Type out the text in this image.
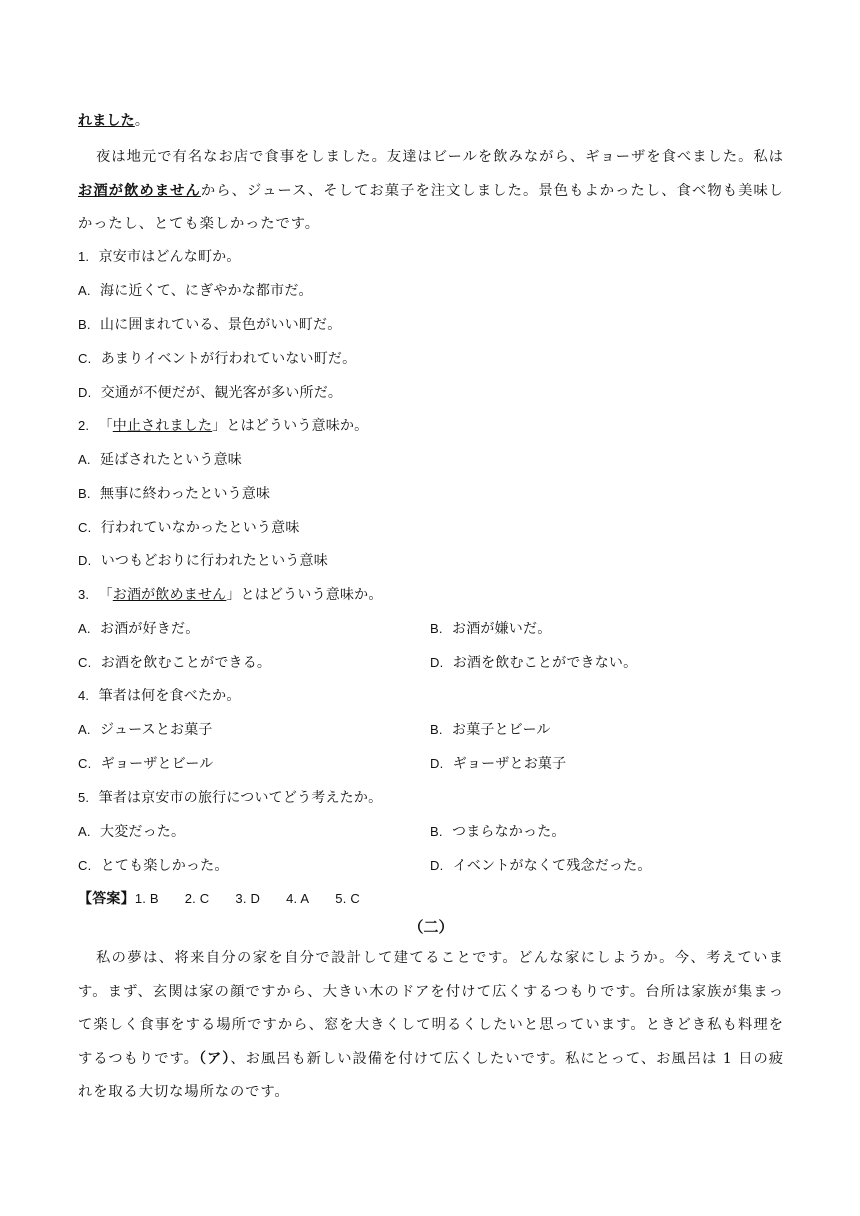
れました。
夜は地元で有名なお店で食事をしました。友達はビールを飲みながら、ギョーザを食べました。私はお酒が飲めませんから、ジュース、そしてお菓子を注文しました。景色もよかったし、食べ物も美味しかったし、とても楽しかったです。
1. 京安市はどんな町か。
A. 海に近くて、にぎやかな都市だ。
B. 山に囲まれている、景色がいい町だ。
C. あまりイベントが行われていない町だ。
D. 交通が不便だが、観光客が多い所だ。
2. 「中止されました」とはどういう意味か。
A. 延ばされたという意味
B. 無事に終わったという意味
C. 行われていなかったという意味
D. いつもどおりに行われたという意味
3. 「お酒が飲めません」とはどういう意味か。
A. お酒が好きだ。	B. お酒が嫌いだ。
C. お酒を飲むことができる。	D. お酒を飲むことができない。
4. 筆者は何を食べたか。
A. ジュースとお菓子	B. お菓子とビール
C. ギョーザとビール	D. ギョーザとお菓子
5. 筆者は京安市の旅行についてどう考えたか。
A. 大変だった。	B. つまらなかった。
C. とても楽しかった。	D. イベントがなくて残念だった。
【答案】1. B 2. C 3. D 4. A 5. C
（二）
私の夢は、将来自分の家を自分で設計して建てることです。どんな家にしようか。今、考えています。まず、玄関は家の顔ですから、大きい木のドアを付けて広くするつもりです。台所は家族が集まって楽しく食事をする場所ですから、窓を大きくして明るくしたいと思っています。ときどき私も料理をするつもりです。（ア）、お風呂も新しい設備を付けて広くしたいです。私にとって、お風呂は 1 日の疲れを取る大切な場所なのです。
